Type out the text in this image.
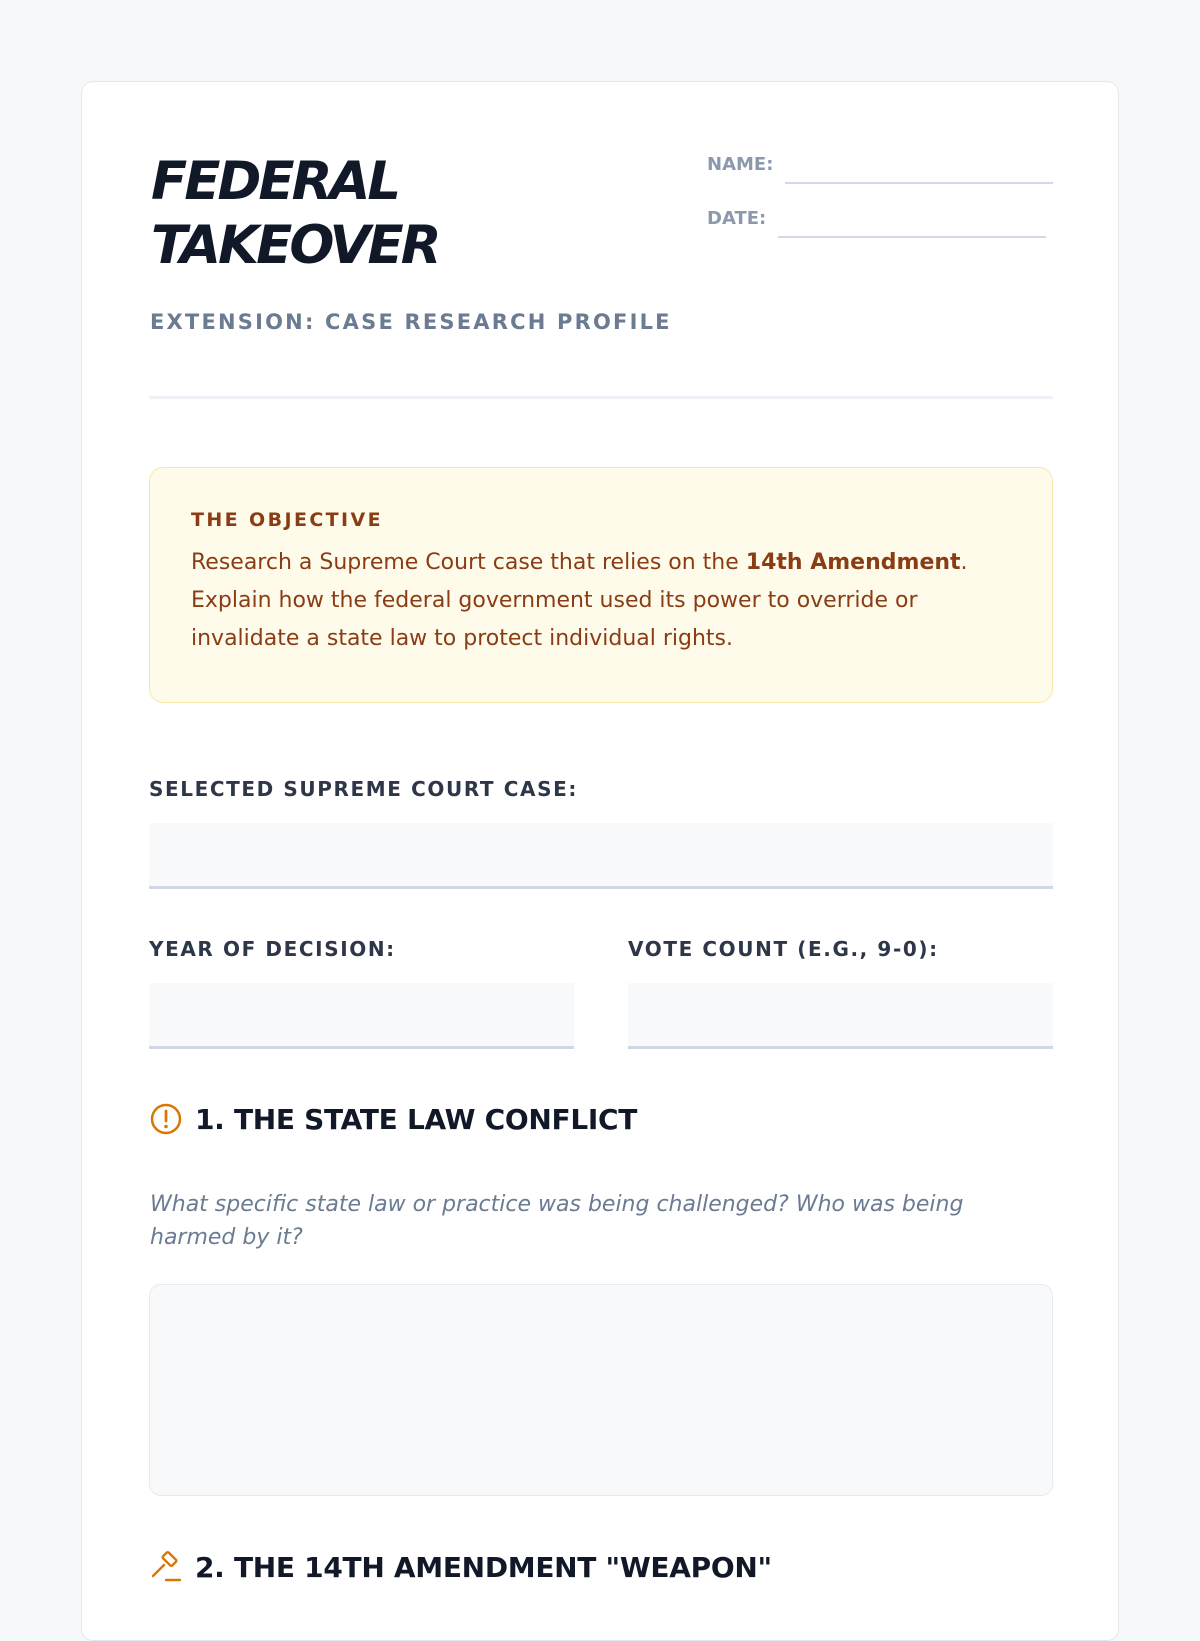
FEDERAL
TAKEOVER
EXTENSION: CASE RESEARCH PROFILE
NAME:
DATE:
THE OBJECTIVE
Research a Supreme Court case that relies on the 14th Amendment. Explain how the federal government used its power to override or invalidate a state law to protect individual rights.
SELECTED SUPREME COURT CASE:
YEAR OF DECISION:	VOTE COUNT (E.G., 9-0):
1. THE STATE LAW CONFLICT
What specific state law or practice was being challenged? Who was being harmed by it?
2. THE 14TH AMENDMENT "WEAPON"
